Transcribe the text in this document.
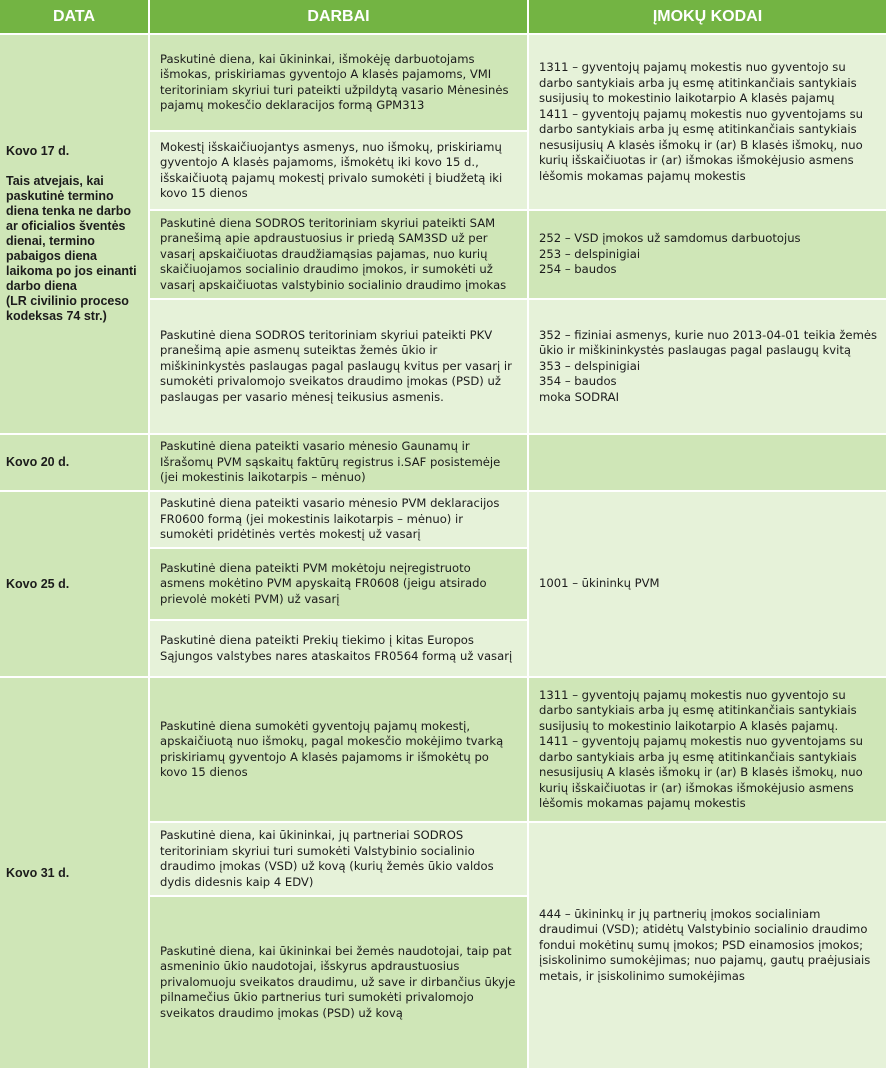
DATA	DARBAI	ĮMOKŲ KODAI
Kovo 17 d.
Tais atvejais, kai paskutinė termino diena tenka ne darbo ar oficialios šventės dienai, termino pabaigos diena laikoma po jos einanti darbo diena
(LR civilinio proceso kodeksas 74 str.)
Paskutinė diena, kai ūkininkai, išmokėję darbuotojams išmokas, priskiriamas gyventojo A klasės pajamoms, VMI teritoriniam skyriui turi pateikti užpildytą vasario Mėnesinės pajamų mokesčio deklaracijos formą GPM313
Mokestį išskaičiuojantys asmenys, nuo išmokų, priskiriamų gyventojo A klasės pajamoms, išmokėtų iki kovo 15 d., išskaičiuotą pajamų mokestį privalo sumokėti į biudžetą iki kovo 15 dienos
Paskutinė diena SODROS teritoriniam skyriui pateikti SAM pranešimą apie apdraustuosius ir priedą SAM3SD už per vasarį apskaičiuotas draudžiamąsias pajamas, nuo kurių skaičiuojamos socialinio draudimo įmokos, ir sumokėti už vasarį apskaičiuotas valstybinio socialinio draudimo įmokas
Paskutinė diena SODROS teritoriniam skyriui pateikti PKV pranešimą apie asmenų suteiktas žemės ūkio ir miškininkystės paslaugas pagal paslaugų kvitus per vasarį ir sumokėti privalomojo sveikatos draudimo įmokas (PSD) už paslaugas per vasario mėnesį teikusius asmenis.
1311 – gyventojų pajamų mokestis nuo gyventojo su darbo santykiais arba jų esmę atitinkančiais santykiais susijusių to mokestinio laikotarpio A klasės pajamų
1411 – gyventojų pajamų mokestis nuo gyventojams su darbo santykiais arba jų esmę atitinkančiais santykiais nesusijusių A klasės išmokų ir (ar) B klasės išmokų, nuo kurių išskaičiuotas ir (ar) išmokas išmokėjusio asmens lėšomis mokamas pajamų mokestis
252 – VSD įmokos už samdomus darbuotojus
253 – delspinigiai
254 – baudos
352 – fiziniai asmenys, kurie nuo 2013-04-01 teikia žemės ūkio ir miškininkystės paslaugas pagal paslaugų kvitą
353 – delspinigiai
354 – baudos
moka SODRAI
Kovo 20 d.
Paskutinė diena pateikti vasario mėnesio Gaunamų ir Išrašomų PVM sąskaitų faktūrų registrus i.SAF posistemėje (jei mokestinis laikotarpis – mėnuo)
Kovo 25 d.
Paskutinė diena pateikti vasario mėnesio PVM deklaracijos FR0600 formą (jei mokestinis laikotarpis – mėnuo) ir sumokėti pridėtinės vertės mokestį už vasarį
Paskutinė diena pateikti PVM mokėtoju neįregistruoto asmens mokėtino PVM apyskaitą FR0608 (jeigu atsirado prievolė mokėti PVM) už vasarį
Paskutinė diena pateikti Prekių tiekimo į kitas Europos Sąjungos valstybes nares ataskaitos FR0564 formą už vasarį
1001 – ūkininkų PVM
Kovo 31 d.
Paskutinė diena sumokėti gyventojų pajamų mokestį, apskaičiuotą nuo išmokų, pagal mokesčio mokėjimo tvarką priskiriamų gyventojo A klasės pajamoms ir išmokėtų po kovo 15 dienos
Paskutinė diena, kai ūkininkai, jų partneriai SODROS teritoriniam skyriui turi sumokėti Valstybinio socialinio draudimo įmokas (VSD) už kovą (kurių žemės ūkio valdos dydis didesnis kaip 4 EDV)
Paskutinė diena, kai ūkininkai bei žemės naudotojai, taip pat asmeninio ūkio naudotojai, išskyrus apdraustuosius privalomuoju sveikatos draudimu, už save ir dirbančius ūkyje pilnamečius ūkio partnerius turi sumokėti privalomojo sveikatos draudimo įmokas (PSD) už kovą
1311 – gyventojų pajamų mokestis nuo gyventojo su darbo santykiais arba jų esmę atitinkančiais santykiais susijusių to mokestinio laikotarpio A klasės pajamų.
1411 – gyventojų pajamų mokestis nuo gyventojams su darbo santykiais arba jų esmę atitinkančiais santykiais nesusijusių A klasės išmokų ir (ar) B klasės išmokų, nuo kurių išskaičiuotas ir (ar) išmokas išmokėjusio asmens lėšomis mokamas pajamų mokestis
444 – ūkininkų ir jų partnerių įmokos socialiniam draudimui (VSD); atidėtų Valstybinio socialinio draudimo fondui mokėtinų sumų įmokos; PSD einamosios įmokos; įsiskolinimo sumokėjimas; nuo pajamų, gautų praėjusiais metais, ir įsiskolinimo sumokėjimas
